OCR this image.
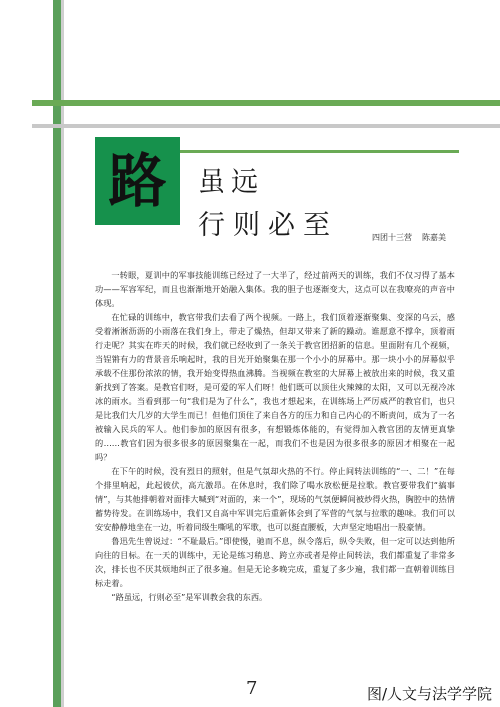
路 虽远
行则必至	四团十三营 陈嘉美

一转眼，夏训中的军事技能训练已经过了一大半了，经过前两天的训练，我们不仅习得了基本功——军容军纪，而且也渐渐地开始融入集体。我的胆子也逐渐变大，这点可以在我嘹亮的声音中体现。

在忙碌的训练中，教官带我们去看了两个视频。一路上，我们顶着逐渐聚集、变深的乌云，感受着淅淅沥沥的小雨落在我们身上，带走了燥热，但却又带来了新的躁动。谁愿意不撑伞，顶着雨行走呢？其实在昨天的时候，我们就已经收到了一条关于教官团招新的信息。里面附有几个视频，当锃锵有力的背景音乐响起时，我的目光开始聚集在那一个小小的屏幕中。那一块小小的屏幕似乎承载不住那份浓浓的情，我开始变得热血沸腾。当视频在教室的大屏幕上被放出来的时候，我又重新找到了答案。是教官们呀，是可爱的军人们呀！他们既可以顶住火辣辣的太阳，又可以无视冷冰冰的雨水。当看到那一句“我们是为了什么”，我也才想起来，在训练场上严厉威严的教官们，也只是比我们大几岁的大学生而已！但他们顶住了来自各方的压力和自己内心的不断责问，成为了一名被输入民兵的军人。他们参加的原因有很多，有想锻炼体能的，有觉得加入教官团的友情更真挚的……教官们因为很多很多的原因聚集在一起，而我们不也是因为很多很多的原因才相聚在一起吗？

在下午的时候，没有烈日的照射，但是气氛却火热的不行。停止间转法训练的“一、二！”在每个排里响起，此起彼伏，高亢激昂。在休息时，我们除了喝水放松便是拉歌。教官要带我们“搞事情”，与其他排朝着对面排大喊到“对面的，来一个”，现场的气氛便瞬间被炒得火热，胸腔中的热情蓄势待发。在训练场中，我们又自高中军训完后重新体会到了军营的气氛与拉歌的趣味。我们可以安安静静地坐在一边，听着同级生嘶吼的军歌，也可以挺直腰板，大声坚定地唱出一股豪情。

鲁迅先生曾说过：“不耻最后。”即使慢，驰而不息，纵令落后，纵令失败，但一定可以达到他所向往的目标。在一天的训练中，无论是练习稍息、跨立亦或者是停止间转法，我们都重复了非常多次，排长也不厌其烦地纠正了很多遍。但是无论多晚完成，重复了多少遍，我们都一直朝着训练目标走着。

“路虽远，行则必至”是军训教会我的东西。

7	图/人文与法学学院
